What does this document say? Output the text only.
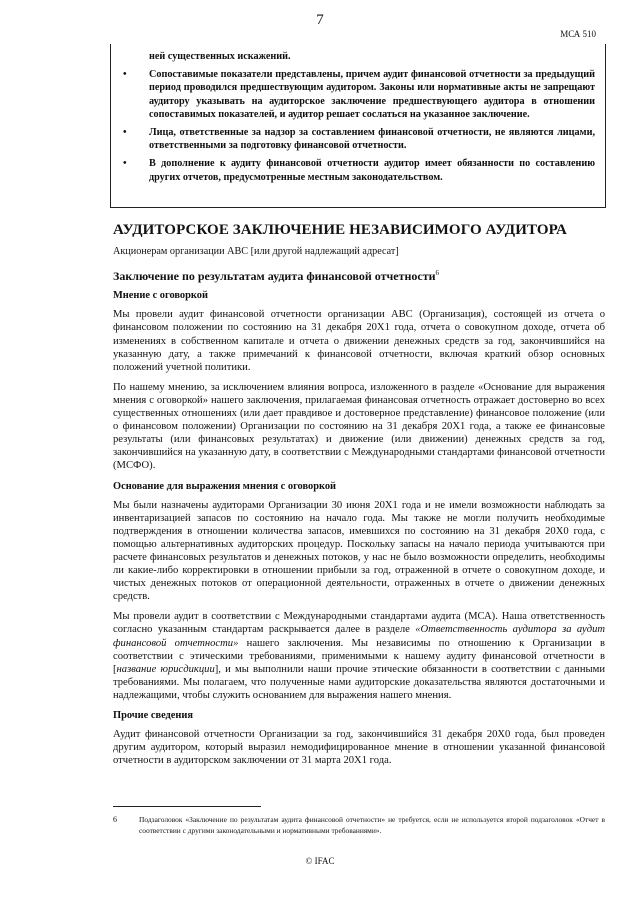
7
МСА 510
ней существенных искажений.
• Сопоставимые показатели представлены, причем аудит финансовой отчетности за предыдущий период проводился предшествующим аудитором. Законы или нормативные акты не запрещают аудитору указывать на аудиторское заключение предшествующего аудитора в отношении сопоставимых показателей, и аудитор решает сослаться на указанное заключение.
• Лица, ответственные за надзор за составлением финансовой отчетности, не являются лицами, ответственными за подготовку финансовой отчетности.
• В дополнение к аудиту финансовой отчетности аудитор имеет обязанности по составлению других отчетов, предусмотренные местным законодательством.
АУДИТОРСКОЕ ЗАКЛЮЧЕНИЕ НЕЗАВИСИМОГО АУДИТОРА
Акционерам организации АВС [или другой надлежащий адресат]
Заключение по результатам аудита финансовой отчетности$^6$
Мнение с оговоркой

Мы провели аудит финансовой отчетности организации АВС (Организация), состоящей из отчета о финансовом положении по состоянию на 31 декабря 20Х1 года, отчета о совокупном доходе, отчета об изменениях в собственном капитале и отчета о движении денежных средств за год, закончившийся на указанную дату, а также примечаний к финансовой отчетности, включая краткий обзор основных положений учетной политики.

По нашему мнению, за исключением влияния вопроса, изложенного в разделе «Основание для выражения мнения с оговоркой» нашего заключения, прилагаемая финансовая отчетность отражает достоверно во всех существенных отношениях (или дает правдивое и достоверное представление) финансовое положение (или о финансовом положении) Организации по состоянию на 31 декабря 20Х1 года, а также ее финансовые результаты (или финансовых результатах) и движение (или движении) денежных средств за год, закончившийся на указанную дату, в соответствии с Международными стандартами финансовой отчетности (МСФО).

Основание для выражения мнения с оговоркой

Мы были назначены аудиторами Организации 30 июня 20Х1 года и не имели возможности наблюдать за инвентаризацией запасов по состоянию на начало года. Мы также не могли получить необходимые подтверждения в отношении количества запасов, имевшихся по состоянию на 31 декабря 20Х0 года, с помощью альтернативных аудиторских процедур. Поскольку запасы на начало периода учитываются при расчете финансовых результатов и денежных потоков, у нас не было возможности определить, необходимы ли какие-либо корректировки в отношении прибыли за год, отраженной в отчете о совокупном доходе, и чистых денежных потоков от операционной деятельности, отраженных в отчете о движении денежных средств.

Мы провели аудит в соответствии с Международными стандартами аудита (МСА). Наша ответственность согласно указанным стандартам раскрывается далее в разделе «Ответственность аудитора за аудит финансовой отчетности» нашего заключения. Мы независимы по отношению к Организации в соответствии с этическими требованиями, применимыми к нашему аудиту финансовой отчетности в [название юрисдикции], и мы выполнили наши прочие этические обязанности в соответствии с данными требованиями. Мы полагаем, что полученные нами аудиторские доказательства являются достаточными и надлежащими, чтобы служить основанием для выражения нашего мнения.

Прочие сведения

Аудит финансовой отчетности Организации за год, закончившийся 31 декабря 20Х0 года, был проведен другим аудитором, который выразил немодифицированное мнение в отношении указанной финансовой отчетности в аудиторском заключении от 31 марта 20Х1 года.

6	Подзаголовок «Заключение по результатам аудита финансовой отчетности» не требуется, если не используется второй подзаголовок «Отчет в соответствии с другими законодательными и нормативными требованиями».
© IFAC
